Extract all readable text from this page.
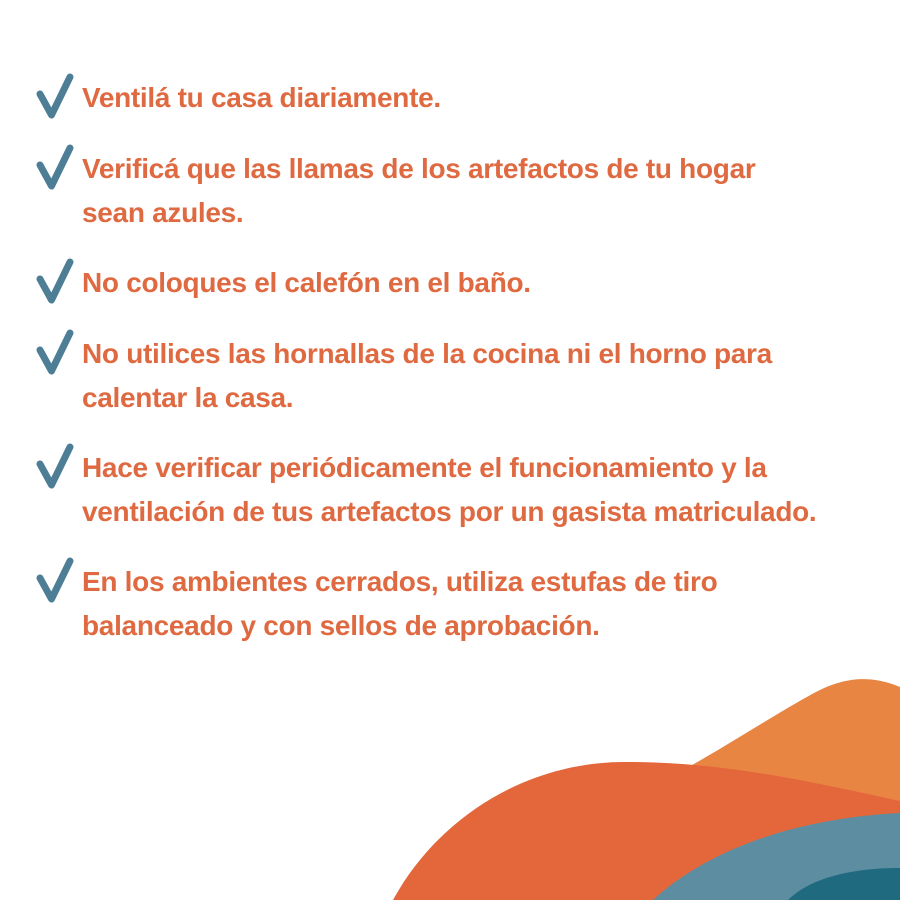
Ventilá tu casa diariamente.
Verificá que las llamas de los artefactos de tu hogar
sean azules.
No coloques el calefón en el baño.
No utilices las hornallas de la cocina ni el horno para
calentar la casa.
Hace verificar periódicamente el funcionamiento y la
ventilación de tus artefactos por un gasista matriculado.
En los ambientes cerrados, utiliza estufas de tiro
balanceado y con sellos de aprobación.
